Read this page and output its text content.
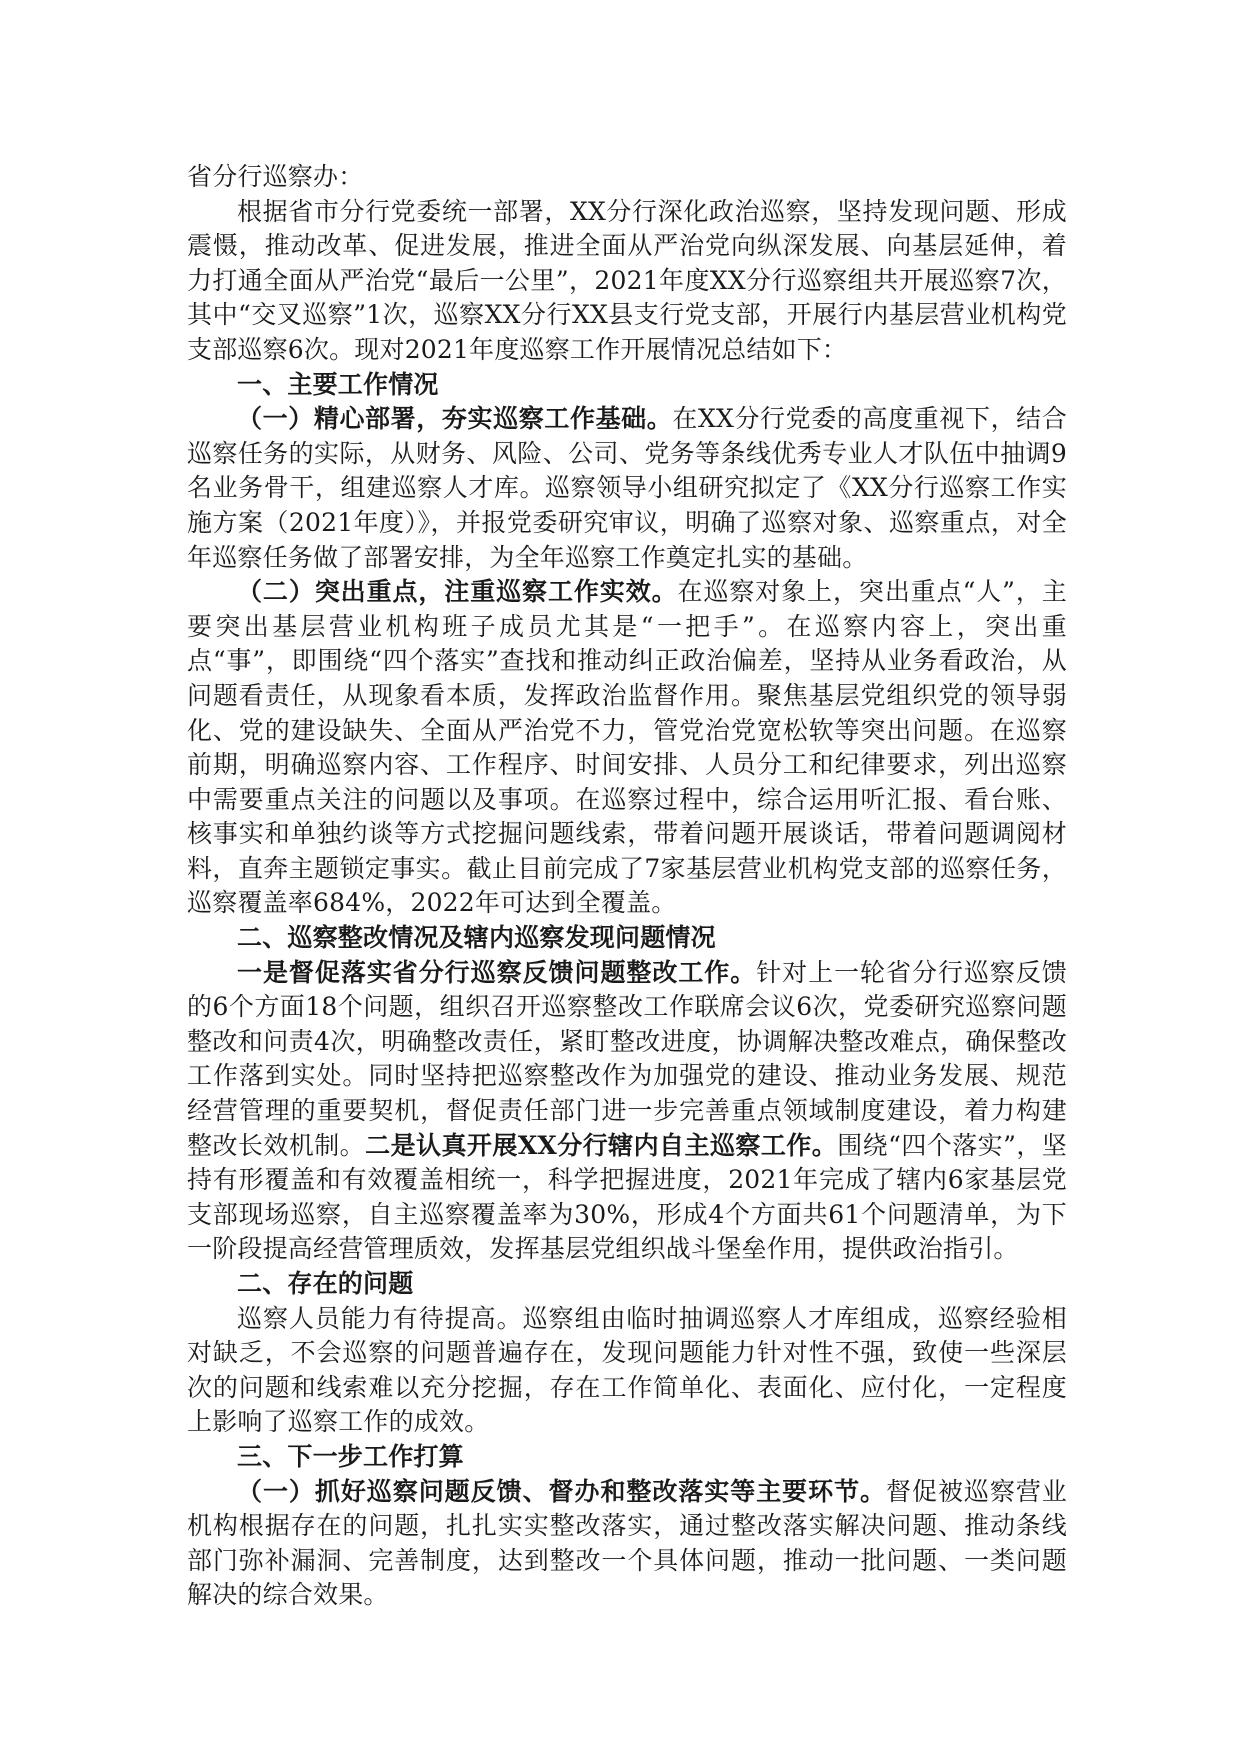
省分行巡察办：

根据省市分行党委统一部署，XX分行深化政治巡察，坚持发现问题、形成震慑，推动改革、促进发展，推进全面从严治党向纵深发展、向基层延伸，着力打通全面从严治党“最后一公里”，2021年度XX分行巡察组共开展巡察7次，其中“交叉巡察”1次，巡察XX分行XX县支行党支部，开展行内基层营业机构党支部巡察6次。现对2021年度巡察工作开展情况总结如下：

一、主要工作情况

（一）精心部署，夯实巡察工作基础。在XX分行党委的高度重视下，结合巡察任务的实际，从财务、风险、公司、党务等条线优秀专业人才队伍中抽调9名业务骨干，组建巡察人才库。巡察领导小组研究拟定了《XX分行巡察工作实施方案（2021年度）》，并报党委研究审议，明确了巡察对象、巡察重点，对全年巡察任务做了部署安排，为全年巡察工作奠定扎实的基础。

（二）突出重点，注重巡察工作实效。在巡察对象上，突出重点“人”，主要突出基层营业机构班子成员尤其是“一把手”。在巡察内容上，突出重点“事”，即围绕“四个落实”查找和推动纠正政治偏差，坚持从业务看政治，从问题看责任，从现象看本质，发挥政治监督作用。聚焦基层党组织党的领导弱化、党的建设缺失、全面从严治党不力，管党治党宽松软等突出问题。在巡察前期，明确巡察内容、工作程序、时间安排、人员分工和纪律要求，列出巡察中需要重点关注的问题以及事项。在巡察过程中，综合运用听汇报、看台账、核事实和单独约谈等方式挖掘问题线索，带着问题开展谈话，带着问题调阅材料，直奔主题锁定事实。截止目前完成了7家基层营业机构党支部的巡察任务，巡察覆盖率684%，2022年可达到全覆盖。

二、巡察整改情况及辖内巡察发现问题情况

一是督促落实省分行巡察反馈问题整改工作。针对上一轮省分行巡察反馈的6个方面18个问题，组织召开巡察整改工作联席会议6次，党委研究巡察问题整改和问责4次，明确整改责任，紧盯整改进度，协调解决整改难点，确保整改工作落到实处。同时坚持把巡察整改作为加强党的建设、推动业务发展、规范经营管理的重要契机，督促责任部门进一步完善重点领域制度建设，着力构建整改长效机制。二是认真开展XX分行辖内自主巡察工作。围绕“四个落实”，坚持有形覆盖和有效覆盖相统一，科学把握进度，2021年完成了辖内6家基层党支部现场巡察，自主巡察覆盖率为30%，形成4个方面共61个问题清单，为下一阶段提高经营管理质效，发挥基层党组织战斗堡垒作用，提供政治指引。

二、存在的问题

巡察人员能力有待提高。巡察组由临时抽调巡察人才库组成，巡察经验相对缺乏，不会巡察的问题普遍存在，发现问题能力针对性不强，致使一些深层次的问题和线索难以充分挖掘，存在工作简单化、表面化、应付化，一定程度上影响了巡察工作的成效。

三、下一步工作打算

（一）抓好巡察问题反馈、督办和整改落实等主要环节。督促被巡察营业机构根据存在的问题，扎扎实实整改落实，通过整改落实解决问题、推动条线部门弥补漏洞、完善制度，达到整改一个具体问题，推动一批问题、一类问题解决的综合效果。
